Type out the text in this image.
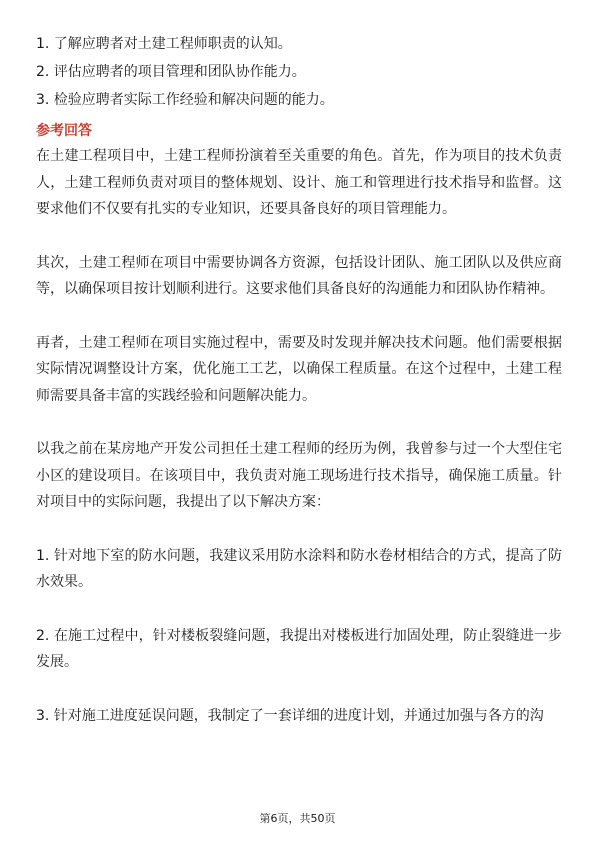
1. 了解应聘者对土建工程师职责的认知。
2. 评估应聘者的项目管理和团队协作能力。
3. 检验应聘者实际工作经验和解决问题的能力。
参考回答

在土建工程项目中，土建工程师扮演着至关重要的角色。首先，作为项目的技术负责人，土建工程师负责对项目的整体规划、设计、施工和管理进行技术指导和监督。这要求他们不仅要有扎实的专业知识，还要具备良好的项目管理能力。

其次，土建工程师在项目中需要协调各方资源，包括设计团队、施工团队以及供应商等，以确保项目按计划顺利进行。这要求他们具备良好的沟通能力和团队协作精神。

再者，土建工程师在项目实施过程中，需要及时发现并解决技术问题。他们需要根据实际情况调整设计方案，优化施工工艺，以确保工程质量。在这个过程中，土建工程师需要具备丰富的实践经验和问题解决能力。

以我之前在某房地产开发公司担任土建工程师的经历为例，我曾参与过一个大型住宅小区的建设项目。在该项目中，我负责对施工现场进行技术指导，确保施工质量。针对项目中的实际问题，我提出了以下解决方案：

1. 针对地下室的防水问题，我建议采用防水涂料和防水卷材相结合的方式，提高了防水效果。

2. 在施工过程中，针对楼板裂缝问题，我提出对楼板进行加固处理，防止裂缝进一步发展。

3. 针对施工进度延误问题，我制定了一套详细的进度计划，并通过加强与各方的沟

第6页，共50页
